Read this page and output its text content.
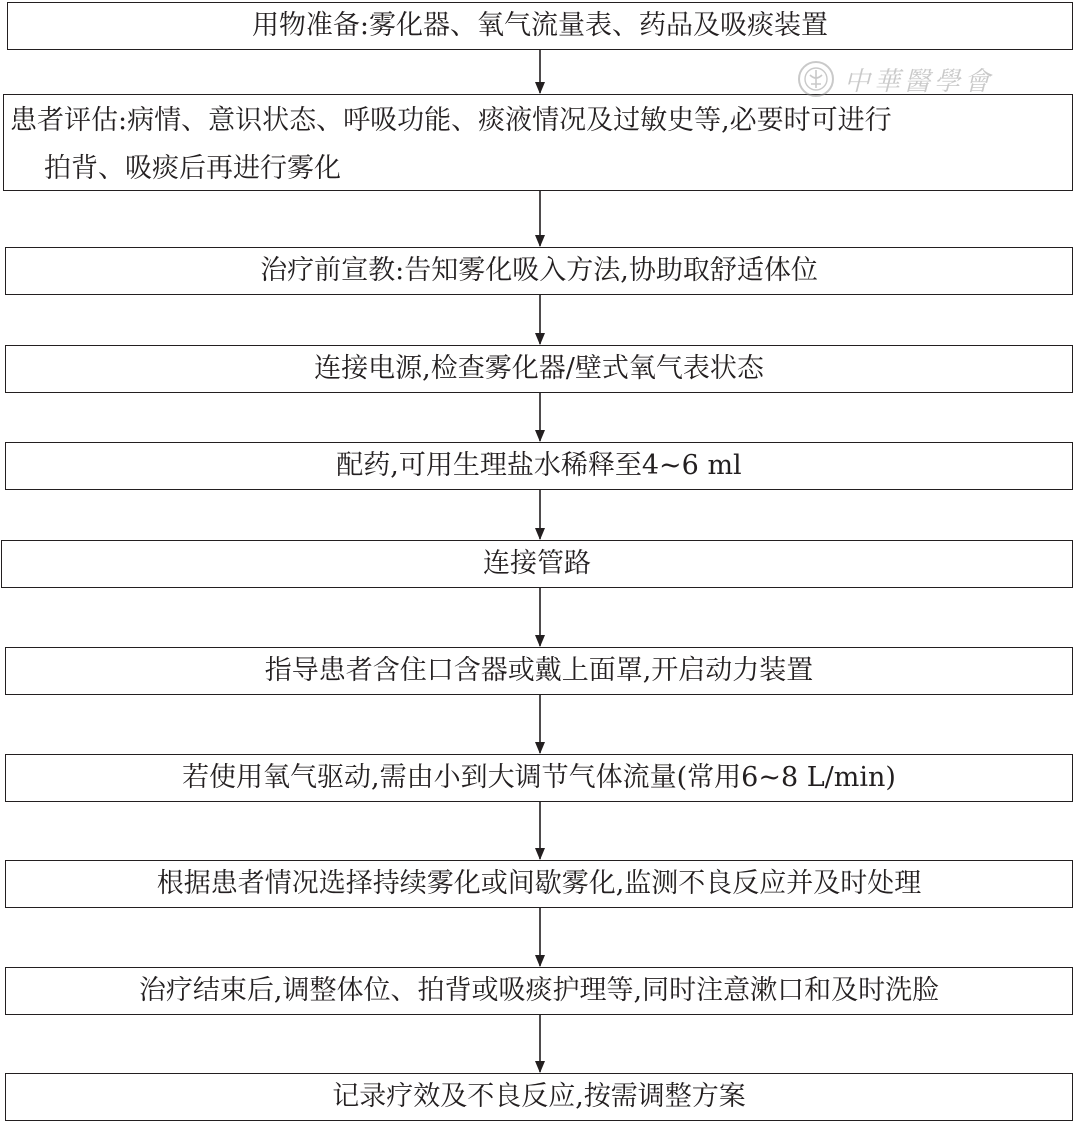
用物准备:雾化器、氧气流量表、药品及吸痰装置
患者评估:病情、意识状态、呼吸功能、痰液情况及过敏史等,必要时可进行
拍背、吸痰后再进行雾化
治疗前宣教:告知雾化吸入方法,协助取舒适体位
连接电源,检查雾化器/壁式氧气表状态
配药,可用生理盐水稀释至4~6 ml
连接管路
指导患者含住口含器或戴上面罩,开启动力装置
若使用氧气驱动,需由小到大调节气体流量(常用6~8 L/min)
根据患者情况选择持续雾化或间歇雾化,监测不良反应并及时处理
治疗结束后,调整体位、拍背或吸痰护理等,同时注意漱口和及时洗脸
记录疗效及不良反应,按需调整方案
中華醫學會
